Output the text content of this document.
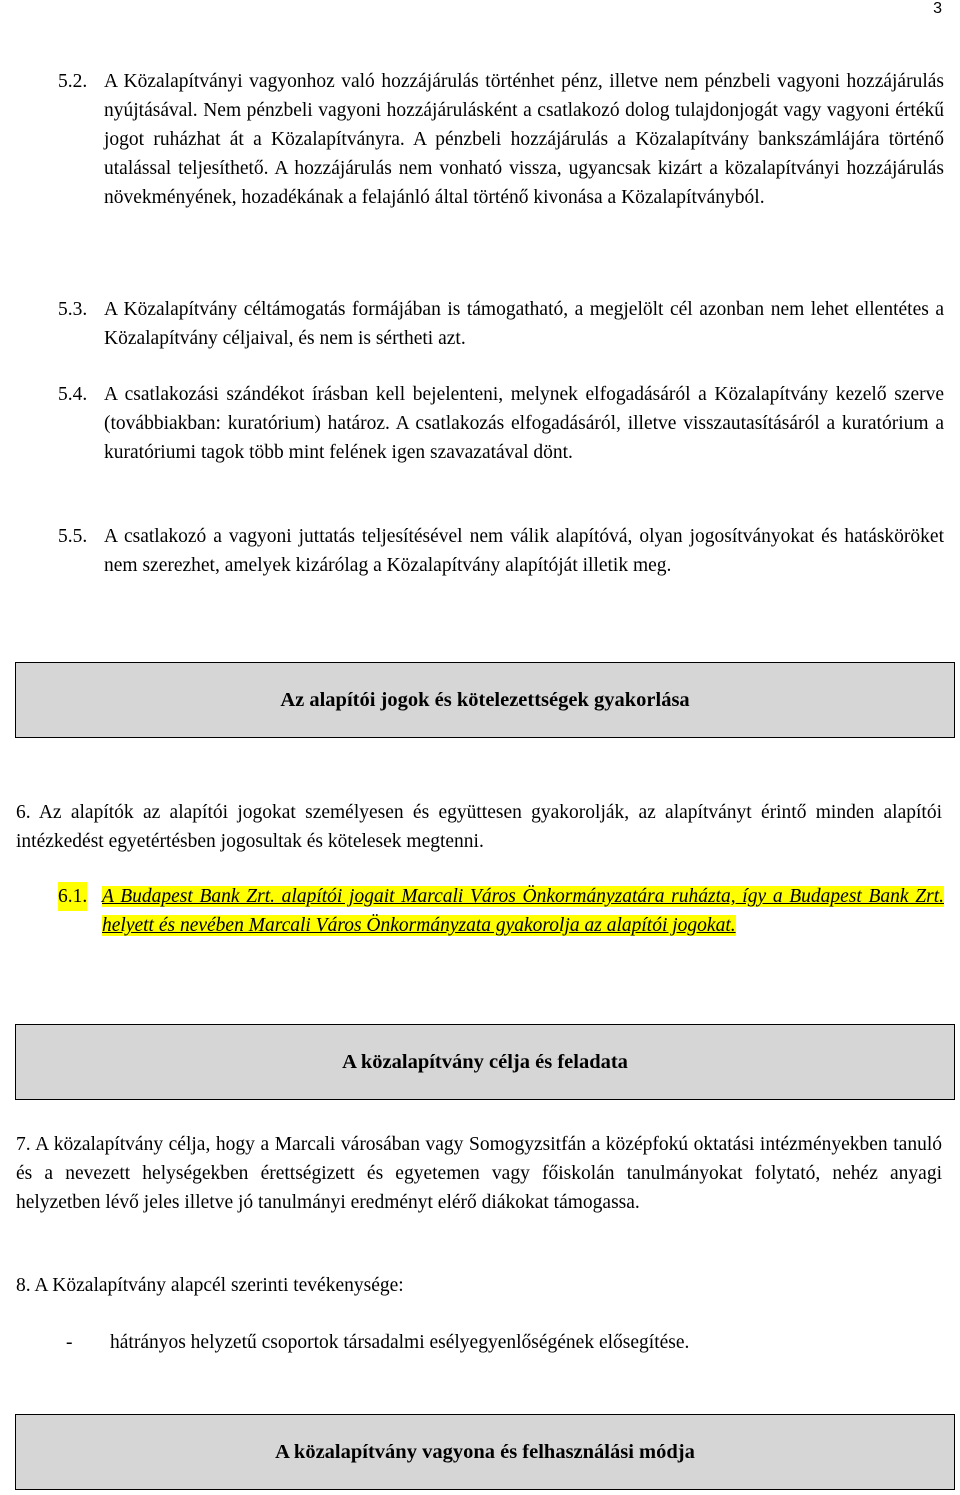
3
5.2. A Közalapítványi vagyonhoz való hozzájárulás történhet pénz, illetve nem pénzbeli vagyoni hozzájárulás nyújtásával. Nem pénzbeli vagyoni hozzájárulásként a csatlakozó dolog tulajdonjogát vagy vagyoni értékű jogot ruházhat át a Közalapítványra. A pénzbeli hozzájárulás a Közalapítvány bankszámlájára történő utalással teljesíthető. A hozzájárulás nem vonható vissza, ugyancsak kizárt a közalapítványi hozzájárulás növekményének, hozadékának a felajánló által történő kivonása a Közalapítványból.
5.3. A Közalapítvány céltámogatás formájában is támogatható, a megjelölt cél azonban nem lehet ellentétes a Közalapítvány céljaival, és nem is sértheti azt.
5.4. A csatlakozási szándékot írásban kell bejelenteni, melynek elfogadásáról a Közalapítvány kezelő szerve (továbbiakban: kuratórium) határoz. A csatlakozás elfogadásáról, illetve visszautasításáról a kuratórium a kuratóriumi tagok több mint felének igen szavazatával dönt.
5.5. A csatlakozó a vagyoni juttatás teljesítésével nem válik alapítóvá, olyan jogosítványokat és hatásköröket nem szerezhet, amelyek kizárólag a Közalapítvány alapítóját illetik meg.
Az alapítói jogok és kötelezettségek gyakorlása
6. Az alapítók az alapítói jogokat személyesen és együttesen gyakorolják, az alapítványt érintő minden alapítói intézkedést egyetértésben jogosultak és kötelesek megtenni.
6.1. A Budapest Bank Zrt. alapítói jogait Marcali Város Önkormányzatára ruházta, így a Budapest Bank Zrt. helyett és nevében Marcali Város Önkormányzata gyakorolja az alapítói jogokat.
A közalapítvány célja és feladata
7. A közalapítvány célja, hogy a Marcali városában vagy Somogyzsitfán a középfokú oktatási intézményekben tanuló és a nevezett helységekben érettségizett és egyetemen vagy főiskolán tanulmányokat folytató, nehéz anyagi helyzetben lévő jeles illetve jó tanulmányi eredményt elérő diákokat támogassa.
8. A Közalapítvány alapcél szerinti tevékenysége:
-	hátrányos helyzetű csoportok társadalmi esélyegyenlőségének elősegítése.
A közalapítvány vagyona és felhasználási módja
